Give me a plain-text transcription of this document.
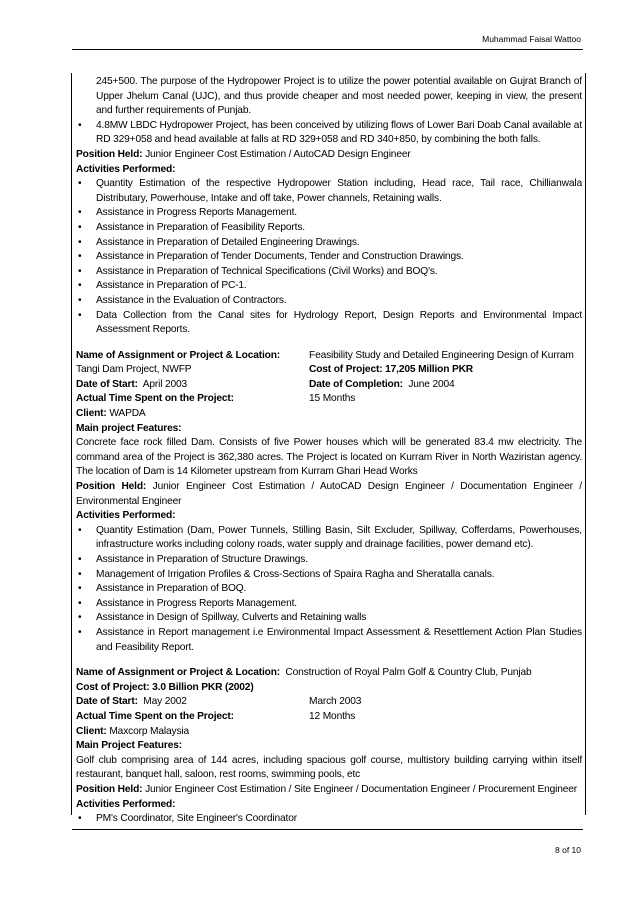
Muhammad Faisal Wattoo
8 of 10
245+500. The purpose of the Hydropower Project is to utilize the power potential available on Gujrat Branch of Upper Jhelum Canal (UJC), and thus provide cheaper and most needed power, keeping in view, the present and further requirements of Punjab.
• 4.8MW LBDC Hydropower Project, has been conceived by utilizing flows of Lower Bari Doab Canal available at RD 329+058 and head available at falls at RD 329+058 and RD 340+850, by combining the both falls.

Position Held: Junior Engineer Cost Estimation / AutoCAD Design Engineer

Activities Performed:

• Quantity Estimation of the respective Hydropower Station including, Head race, Tail race, Chillianwala Distributary, Powerhouse, Intake and off take, Power channels, Retaining walls.
• Assistance in Progress Reports Management.
• Assistance in Preparation of Feasibility Reports.
• Assistance in Preparation of Detailed Engineering Drawings.
• Assistance in Preparation of Tender Documents, Tender and Construction Drawings.
• Assistance in Preparation of Technical Specifications (Civil Works) and BOQ's.
• Assistance in Preparation of PC-1.
• Assistance in the Evaluation of Contractors.
• Data Collection from the Canal sites for Hydrology Report, Design Reports and Environmental Impact Assessment Reports.
Name of Assignment or Project & Location:	Feasibility Study and Detailed Engineering Design of Kurram
Tangi Dam Project, NWFP	Cost of Project: 17,205 Million PKR
Date of Start: April 2003	Date of Completion: June 2004
Actual Time Spent on the Project:	15 Months

Client: WAPDA

Main project Features:

Concrete face rock filled Dam. Consists of five Power houses which will be generated 83.4 mw electricity. The command area of the Project is 362,380 acres. The Project is located on Kurram River in North Waziristan agency. The location of Dam is 14 Kilometer upstream from Kurram Ghari Head Works

Position Held: Junior Engineer Cost Estimation / AutoCAD Design Engineer / Documentation Engineer / Environmental Engineer

Activities Performed:

• Quantity Estimation (Dam, Power Tunnels, Stilling Basin, Silt Excluder, Spillway, Cofferdams, Powerhouses, infrastructure works including colony roads, water supply and drainage facilities, power demand etc).
• Assistance in Preparation of Structure Drawings.
• Management of Irrigation Profiles & Cross-Sections of Spaira Ragha and Sheratalla canals.
• Assistance in Preparation of BOQ.
• Assistance in Progress Reports Management.
• Assistance in Design of Spillway, Culverts and Retaining walls
• Assistance in Report management i.e Environmental Impact Assessment & Resettlement Action Plan Studies and Feasibility Report.

Name of Assignment or Project & Location: Construction of Royal Palm Golf & Country Club, Punjab

Cost of Project: 3.0 Billion PKR (2002)

Date of Start: May 2002	March 2003
Actual Time Spent on the Project:	12 Months

Client: Maxcorp Malaysia

Main Project Features:

Golf club comprising area of 144 acres, including spacious golf course, multistory building carrying within itself restaurant, banquet hall, saloon, rest rooms, swimming pools, etc

Position Held: Junior Engineer Cost Estimation / Site Engineer / Documentation Engineer / Procurement Engineer

Activities Performed:

• PM's Coordinator, Site Engineer's Coordinator
